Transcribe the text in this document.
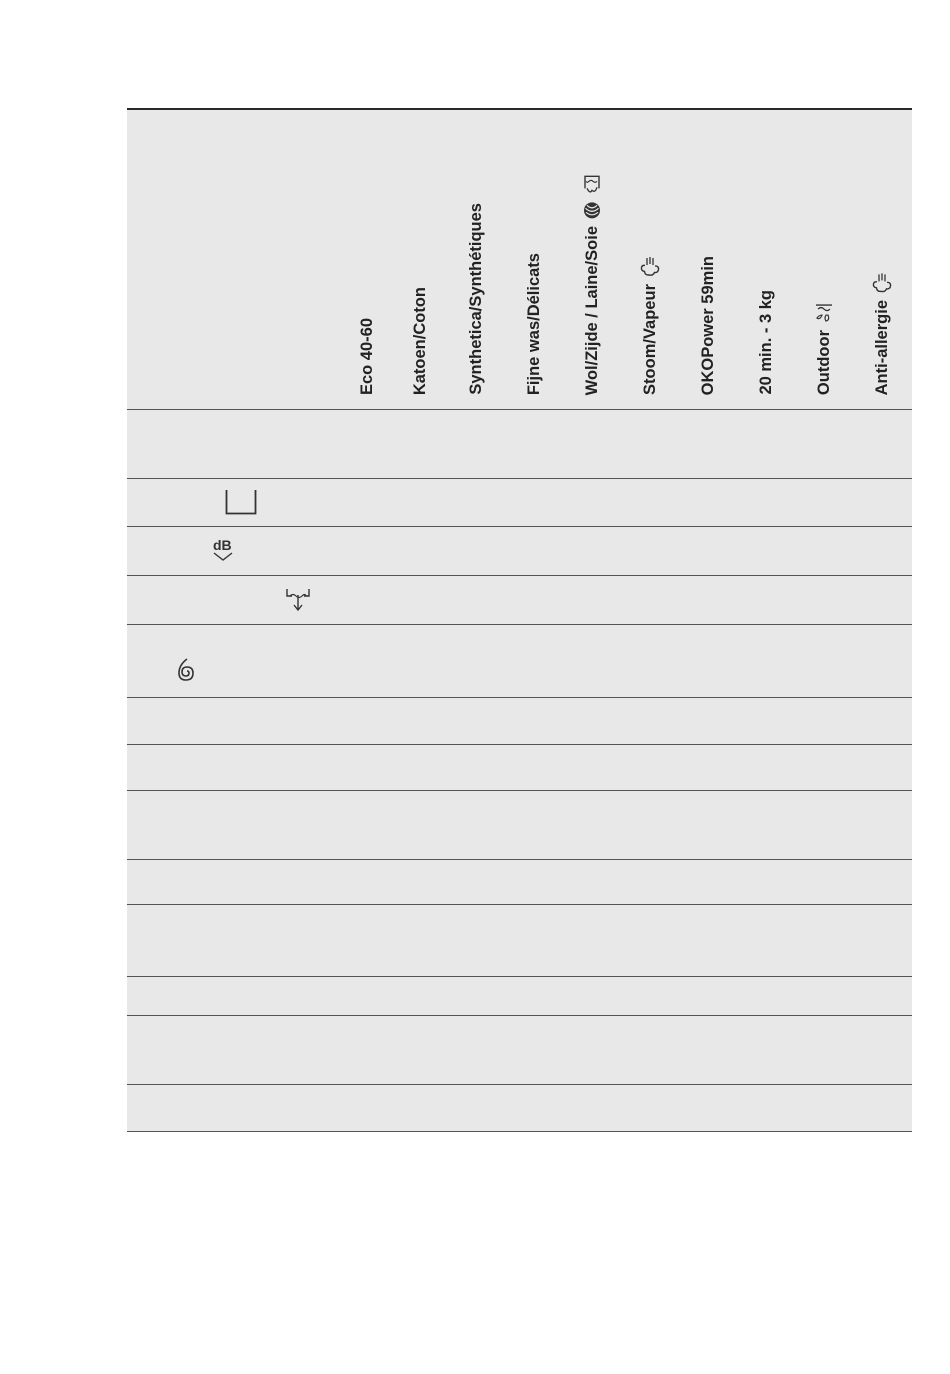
Eco 40-60 Katoen/Coton Synthetica/Synthétiques Fijne was/Délicats Wol/Zijde / Laine/Soie Stoom/Vapeur OKOPower 59min 20 min. - 3 kg Outdoor Anti-allergie
dB
